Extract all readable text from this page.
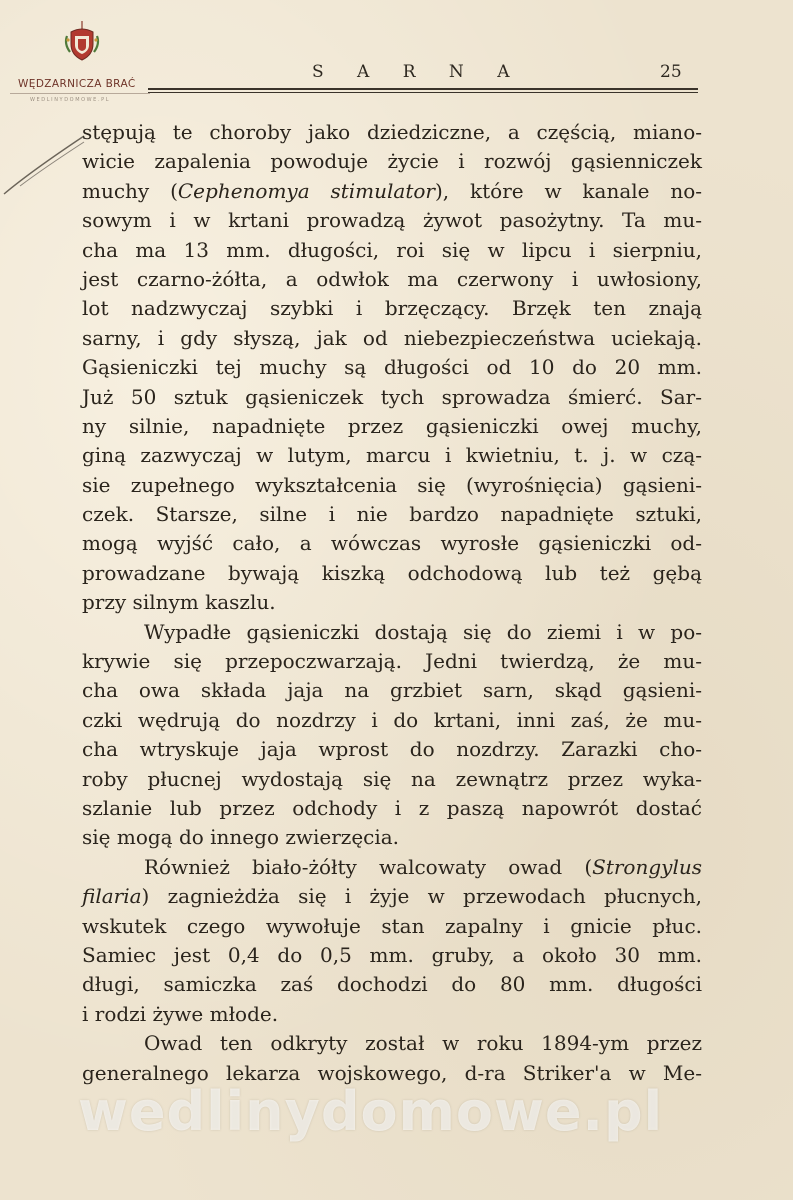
WĘDZARNICZA BRAĆ
WEDLINYDOMOWE.PL
S A R N A	25
stępują te choroby jako dziedziczne, a częścią, miano-
wicie zapalenia powoduje życie i rozwój gąsienniczek
muchy (Cephenomya stimulator), które w kanale no-
sowym i w krtani prowadzą żywot pasożytny. Ta mu-
cha ma 13 mm. długości, roi się w lipcu i sierpniu,
jest czarno-żółta, a odwłok ma czerwony i uwłosiony,
lot nadzwyczaj szybki i brzęczący. Brzęk ten znają
sarny, i gdy słyszą, jak od niebezpieczeństwa uciekają.
Gąsieniczki tej muchy są długości od 10 do 20 mm.
Już 50 sztuk gąsieniczek tych sprowadza śmierć. Sar-
ny silnie, napadnięte przez gąsieniczki owej muchy,
giną zazwyczaj w lutym, marcu i kwietniu, t. j. w czą-
sie zupełnego wykształcenia się (wyrośnięcia) gąsieni-
czek. Starsze, silne i nie bardzo napadnięte sztuki,
mogą wyjść cało, a wówczas wyrosłe gąsieniczki od-
prowadzane bywają kiszką odchodową lub też gębą
przy silnym kaszlu.
Wypadłe gąsieniczki dostają się do ziemi i w po-
krywie się przepoczwarzają. Jedni twierdzą, że mu-
cha owa składa jaja na grzbiet sarn, skąd gąsieni-
czki wędrują do nozdrzy i do krtani, inni zaś, że mu-
cha wtryskuje jaja wprost do nozdrzy. Zarazki cho-
roby płucnej wydostają się na zewnątrz przez wyka-
szlanie lub przez odchody i z paszą napowrót dostać
się mogą do innego zwierzęcia.
Również biało-żółty walcowaty owad (Strongylus
filaria) zagnieżdża się i żyje w przewodach płucnych,
wskutek czego wywołuje stan zapalny i gnicie płuc.
Samiec jest 0,4 do 0,5 mm. gruby, a około 30 mm.
długi, samiczka zaś dochodzi do 80 mm. długości
i rodzi żywe młode.
Owad ten odkryty został w roku 1894-ym przez
generalnego lekarza wojskowego, d-ra Striker'a w Me-
wedlinydomowe.pl
